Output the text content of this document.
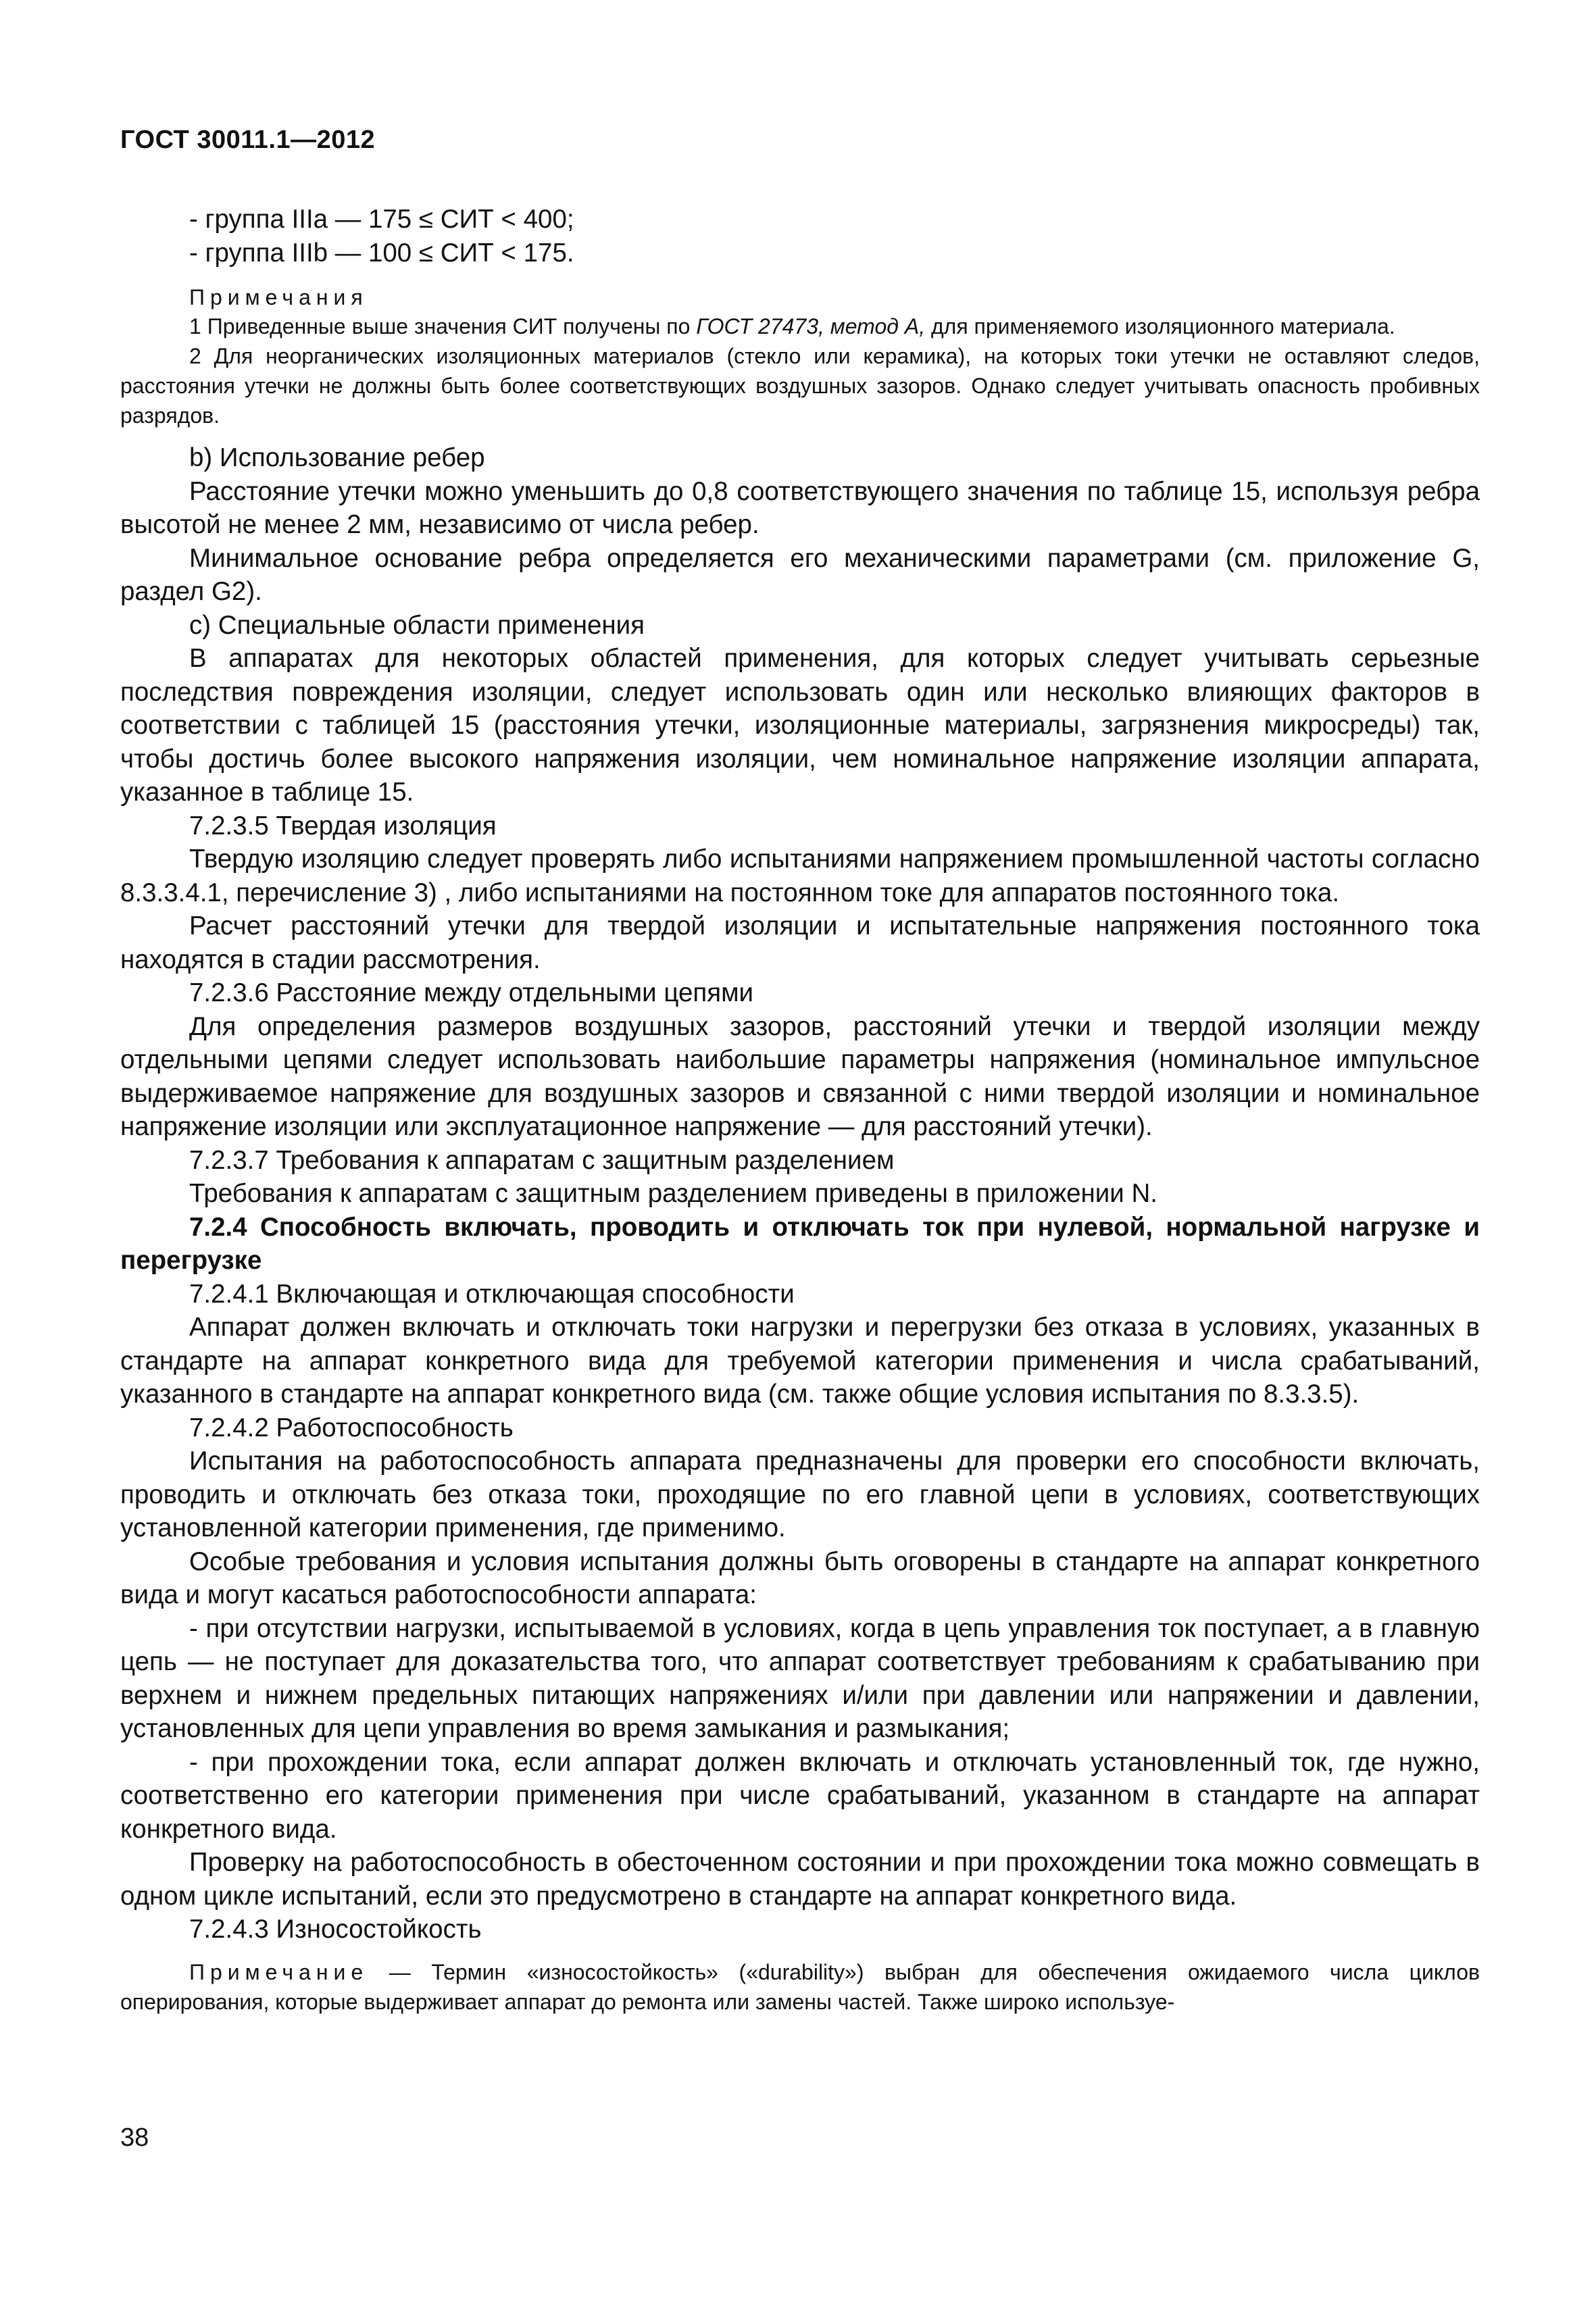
ГОСТ 30011.1—2012

- группа IIIa — 175 ≤ СИТ < 400;

- группа IIIb — 100 ≤ СИТ < 175.

Примечания

1 Приведенные выше значения СИТ получены по ГОСТ 27473, метод А, для применяемого изоляционного материала.

2 Для неорганических изоляционных материалов (стекло или керамика), на которых токи утечки не оставляют следов, расстояния утечки не должны быть более соответствующих воздушных зазоров. Однако следует учитывать опасность пробивных разрядов.

b) Использование ребер

Расстояние утечки можно уменьшить до 0,8 соответствующего значения по таблице 15, используя ребра высотой не менее 2 мм, независимо от числа ребер.

Минимальное основание ребра определяется его механическими параметрами (см. приложение G, раздел G2).

c) Специальные области применения

В аппаратах для некоторых областей применения, для которых следует учитывать серьезные последствия повреждения изоляции, следует использовать один или несколько влияющих факторов в соответствии с таблицей 15 (расстояния утечки, изоляционные материалы, загрязнения микросреды) так, чтобы достичь более высокого напряжения изоляции, чем номинальное напряжение изоляции аппарата, указанное в таблице 15.

7.2.3.5 Твердая изоляция

Твердую изоляцию следует проверять либо испытаниями напряжением промышленной частоты согласно 8.3.3.4.1, перечисление 3) , либо испытаниями на постоянном токе для аппаратов постоянного тока.

Расчет расстояний утечки для твердой изоляции и испытательные напряжения постоянного тока находятся в стадии рассмотрения.

7.2.3.6 Расстояние между отдельными цепями

Для определения размеров воздушных зазоров, расстояний утечки и твердой изоляции между отдельными цепями следует использовать наибольшие параметры напряжения (номинальное импульсное выдерживаемое напряжение для воздушных зазоров и связанной с ними твердой изоляции и номинальное напряжение изоляции или эксплуатационное напряжение — для расстояний утечки).

7.2.3.7 Требования к аппаратам с защитным разделением

Требования к аппаратам с защитным разделением приведены в приложении N.

7.2.4 Способность включать, проводить и отключать ток при нулевой, нормальной нагрузке и перегрузке

7.2.4.1 Включающая и отключающая способности

Аппарат должен включать и отключать токи нагрузки и перегрузки без отказа в условиях, указанных в стандарте на аппарат конкретного вида для требуемой категории применения и числа срабатываний, указанного в стандарте на аппарат конкретного вида (см. также общие условия испытания по 8.3.3.5).

7.2.4.2 Работоспособность

Испытания на работоспособность аппарата предназначены для проверки его способности включать, проводить и отключать без отказа токи, проходящие по его главной цепи в условиях, соответствующих установленной категории применения, где применимо.

Особые требования и условия испытания должны быть оговорены в стандарте на аппарат конкретного вида и могут касаться работоспособности аппарата:

- при отсутствии нагрузки, испытываемой в условиях, когда в цепь управления ток поступает, а в главную цепь — не поступает для доказательства того, что аппарат соответствует требованиям к срабатыванию при верхнем и нижнем предельных питающих напряжениях и/или при давлении или напряжении и давлении, установленных для цепи управления во время замыкания и размыкания;

- при прохождении тока, если аппарат должен включать и отключать установленный ток, где нужно, соответственно его категории применения при числе срабатываний, указанном в стандарте на аппарат конкретного вида.

Проверку на работоспособность в обесточенном состоянии и при прохождении тока можно совмещать в одном цикле испытаний, если это предусмотрено в стандарте на аппарат конкретного вида.

7.2.4.3 Износостойкость

Примечание — Термин «износостойкость» («durability») выбран для обеспечения ожидаемого числа циклов оперирования, которые выдерживает аппарат до ремонта или замены частей. Также широко используе-

38
